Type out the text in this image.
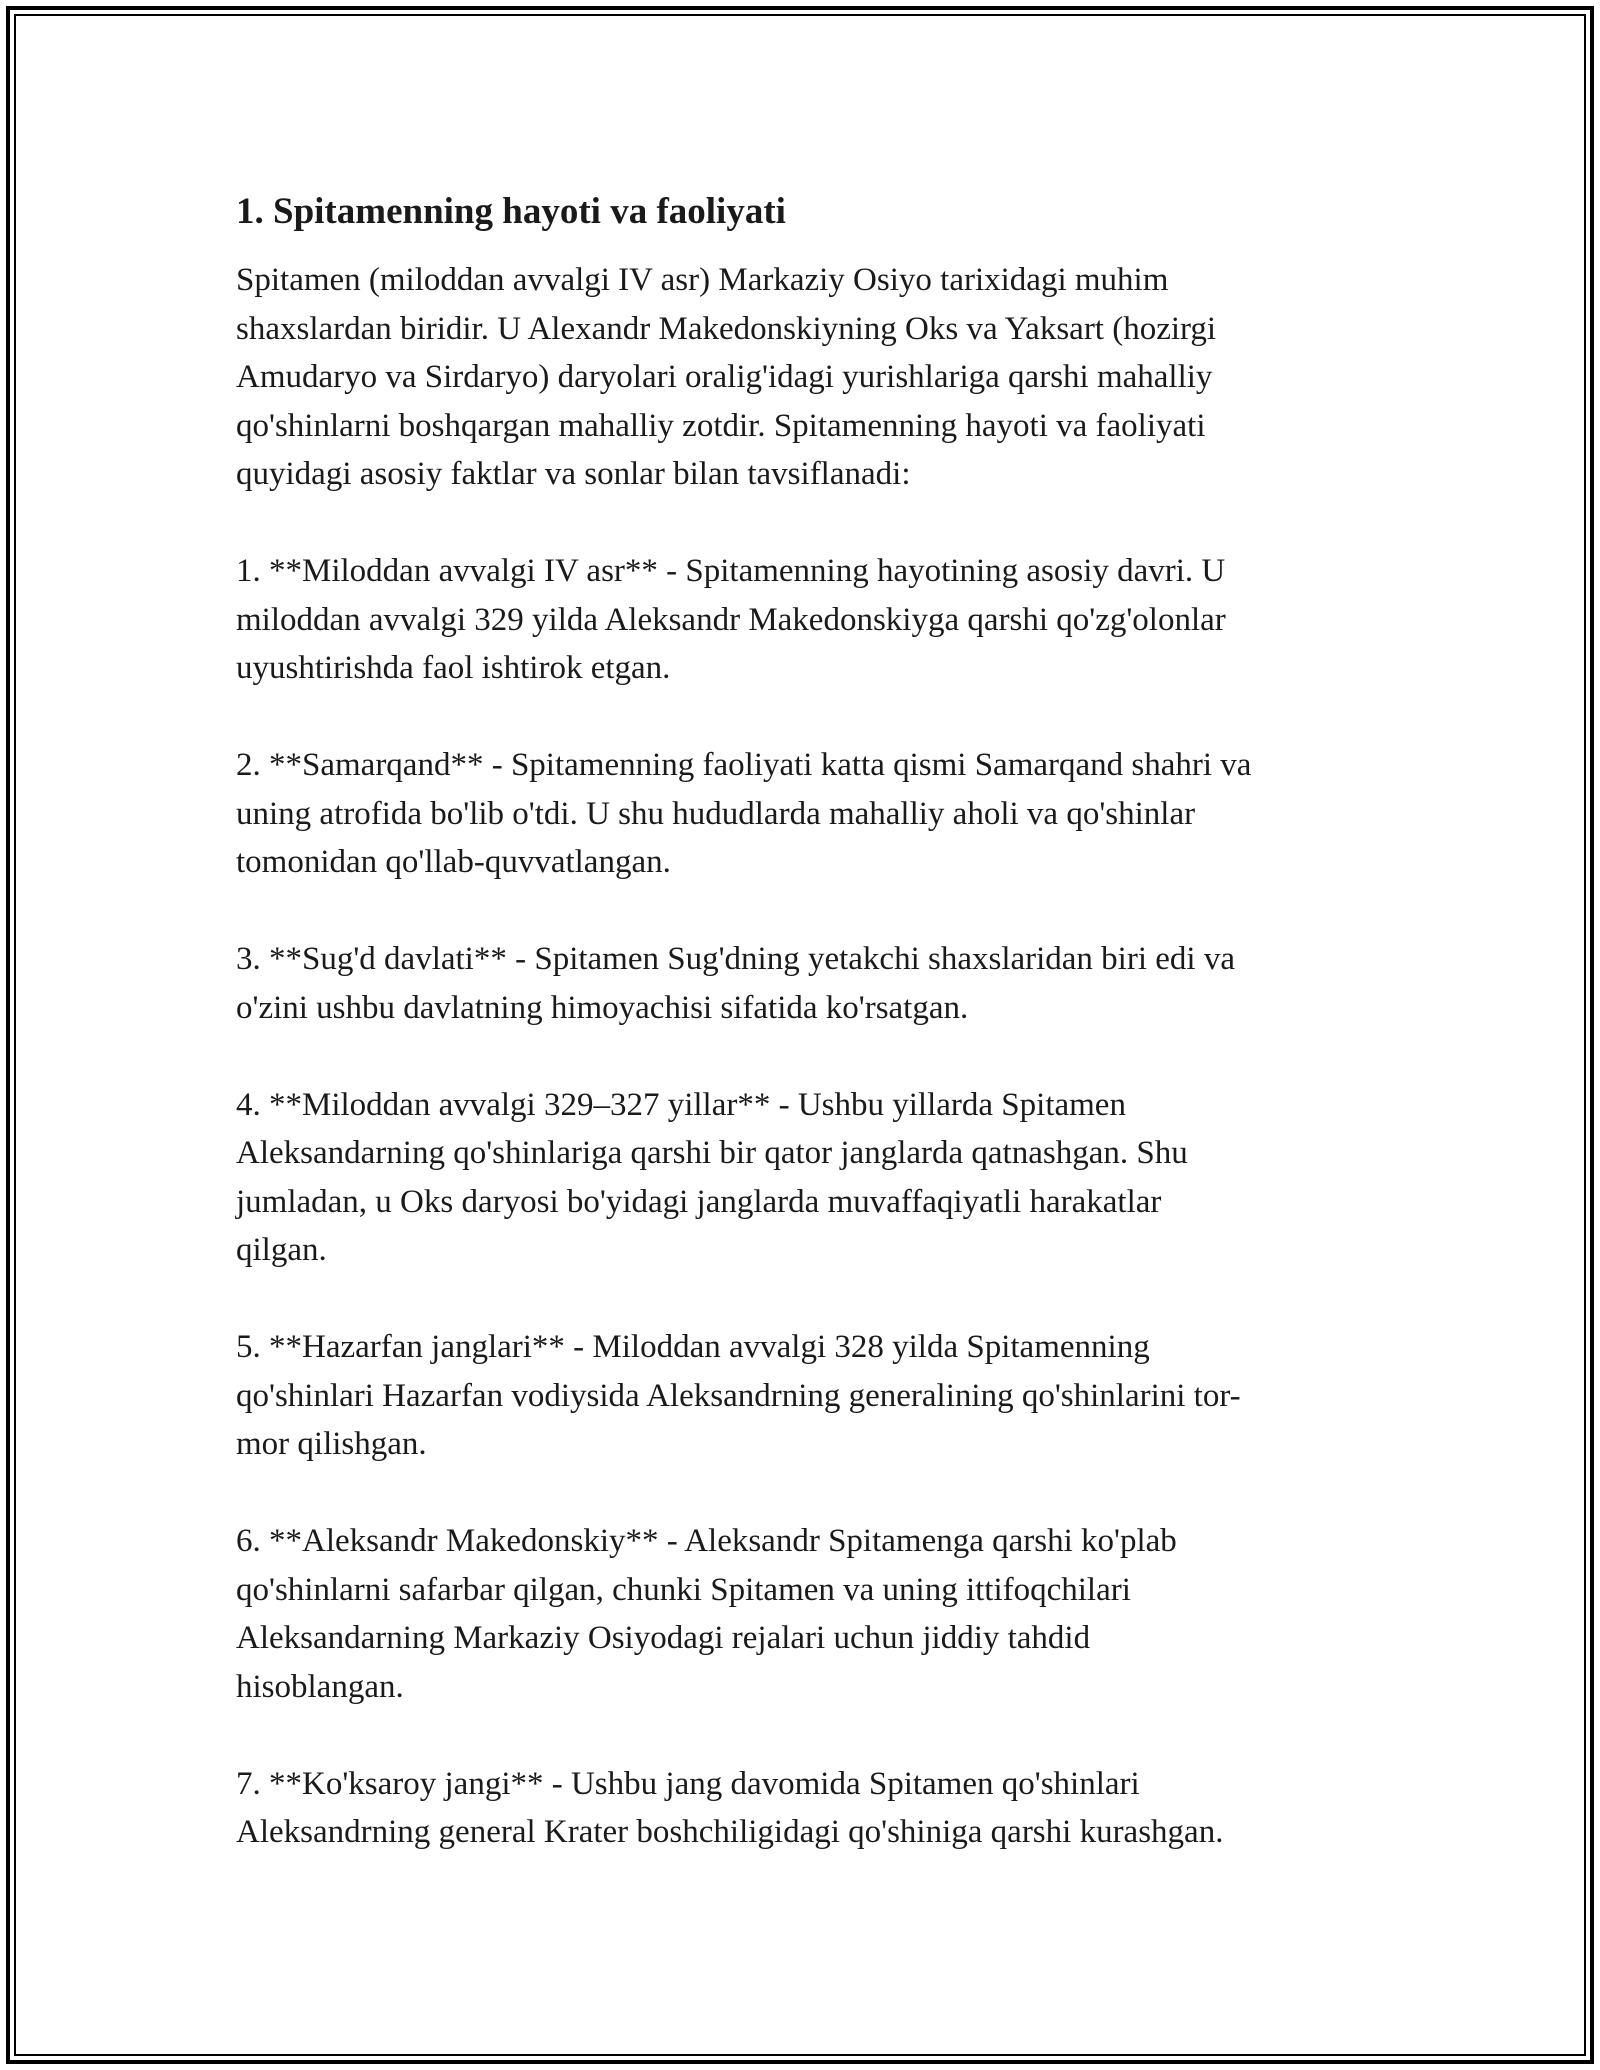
1. Spitamenning hayoti va faoliyati
Spitamen (miloddan avvalgi IV asr) Markaziy Osiyo tarixidagi muhim
shaxslardan biridir. U Alexandr Makedonskiyning Oks va Yaksart (hozirgi
Amudaryo va Sirdaryo) daryolari oralig'idagi yurishlariga qarshi mahalliy
qo'shinlarni boshqargan mahalliy zotdir. Spitamenning hayoti va faoliyati
quyidagi asosiy faktlar va sonlar bilan tavsiflanadi:
1. **Miloddan avvalgi IV asr** - Spitamenning hayotining asosiy davri. U
miloddan avvalgi 329 yilda Aleksandr Makedonskiyga qarshi qo'zg'olonlar
uyushtirishda faol ishtirok etgan.
2. **Samarqand** - Spitamenning faoliyati katta qismi Samarqand shahri va
uning atrofida bo'lib o'tdi. U shu hududlarda mahalliy aholi va qo'shinlar
tomonidan qo'llab-quvvatlangan.
3. **Sug'd davlati** - Spitamen Sug'dning yetakchi shaxslaridan biri edi va
o'zini ushbu davlatning himoyachisi sifatida ko'rsatgan.
4. **Miloddan avvalgi 329–327 yillar** - Ushbu yillarda Spitamen
Aleksandarning qo'shinlariga qarshi bir qator janglarda qatnashgan. Shu
jumladan, u Oks daryosi bo'yidagi janglarda muvaffaqiyatli harakatlar
qilgan.
5. **Hazarfan janglari** - Miloddan avvalgi 328 yilda Spitamenning
qo'shinlari Hazarfan vodiysida Aleksandrning generalining qo'shinlarini tor-
mor qilishgan.
6. **Aleksandr Makedonskiy** - Aleksandr Spitamenga qarshi ko'plab
qo'shinlarni safarbar qilgan, chunki Spitamen va uning ittifoqchilari
Aleksandarning Markaziy Osiyodagi rejalari uchun jiddiy tahdid
hisoblangan.
7. **Ko'ksaroy jangi** - Ushbu jang davomida Spitamen qo'shinlari
Aleksandrning general Krater boshchiligidagi qo'shiniga qarshi kurashgan.
